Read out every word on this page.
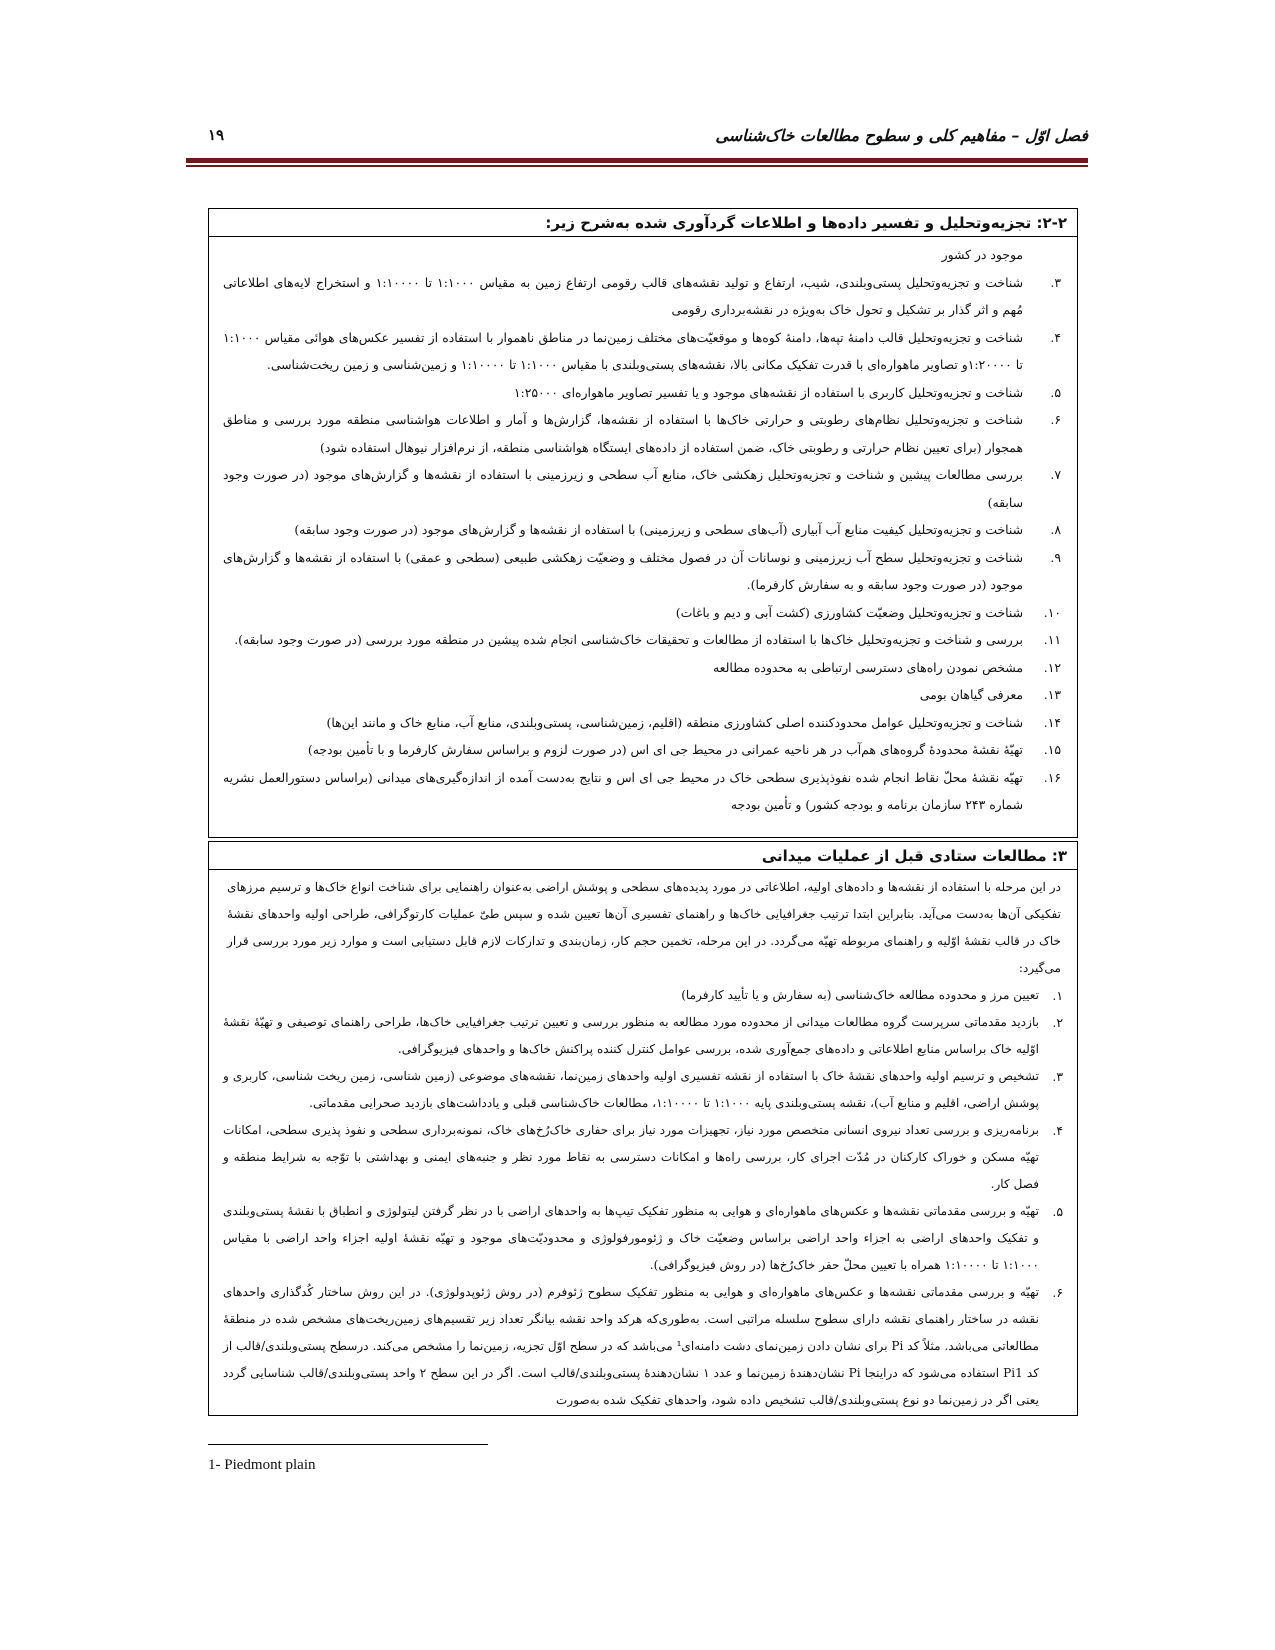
فصل اوّل – مفاهیم کلی و سطوح مطالعات خاک‌شناسی
۱۹
۲-۲: تجزیه‌وتحلیل و تفسیر داده‌ها و اطلاعات گردآوری شده به‌شرح زیر:
موجود در کشور
۳.
شناخت و تجزیه‌وتحلیل پستی‌وبلندی، شیب، ارتفاع و تولید نقشه‌های قالب رقومی ارتفاع زمین به مقیاس ۱:۱۰۰۰ تا ۱:۱۰۰۰۰ و استخراج لایه‌های اطلاعاتی مُهم و اثر گذار بر تشکیل و تحول خاک به‌ویژه در نقشه‌برداری رقومی
۴.
شناخت و تجزیه‌وتحلیل قالب دامنهٔ تپه‌ها، دامنهٔ کوه‌ها و موقعیّت‌های مختلف زمین‌نما در مناطق ناهموار با استفاده از تفسیر عکس‌های هوائی مقیاس ۱:۱۰۰۰ تا ۱:۲۰۰۰۰و تصاویر ماهواره‌ای با قدرت تفکیک مکانی بالا، نقشه‌های پستی‌وبلندی با مقیاس ۱:۱۰۰۰ تا ۱:۱۰۰۰۰ و زمین‌شناسی و زمین ریخت‌شناسی.
۵.
شناخت و تجزیه‌وتحلیل کاربری با استفاده از نقشه‌های موجود و یا تفسیر تصاویر ماهواره‌ای ۱:۲۵۰۰۰
۶.
شناخت و تجزیه‌وتحلیل نظام‌های رطوبتی و حرارتی خاک‌ها با استفاده از نقشه‌ها، گزارش‌ها و آمار و اطلاعات هواشناسی منطقه مورد بررسی و مناطق همجوار (برای تعیین نظام حرارتی و رطوبتی خاک، ضمن استفاده از داده‌های ایستگاه هواشناسی منطقه، از نرم‌افزار نیوهال استفاده شود)
۷.
بررسی مطالعات پیشین و شناخت و تجزیه‌وتحلیل زهکشی خاک، منابع آب سطحی و زیرزمینی با استفاده از نقشه‌ها و گزارش‌های موجود (در صورت وجود سابقه)
۸.
شناخت و تجزیه‌وتحلیل کیفیت منابع آب آبیاری (آب‌های سطحی و زیرزمینی) با استفاده از نقشه‌ها و گزارش‌های موجود (در صورت وجود سابقه)
۹.
شناخت و تجزیه‌وتحلیل سطح آب زیرزمینی و نوسانات آن در فصول مختلف و وضعیّت زهکشی طبیعی (سطحی و عمقی) با استفاده از نقشه‌ها و گزارش‌های موجود (در صورت وجود سابقه و به سفارش کارفرما).
۱۰.
شناخت و تجزیه‌وتحلیل وضعیّت کشاورزی (کشت آبی و دیم و باغات)
۱۱.
بررسی و شناخت و تجزیه‌وتحلیل خاک‌ها با استفاده از مطالعات و تحقیقات خاک‌شناسی انجام شده پیشین در منطقه مورد بررسی (در صورت وجود سابقه).
۱۲.
مشخص نمودن راه‌های دسترسی ارتباطی به محدوده مطالعه
۱۳.
معرفی گیاهان بومی
۱۴.
شناخت و تجزیه‌وتحلیل عوامل محدودکننده اصلی کشاورزی منطقه (اقلیم، زمین‌شناسی، پستی‌وبلندی، منابع آب، منابع خاک و مانند این‌ها)
۱۵.
تهیّهٔ نقشهٔ محدودهٔ گروه‌های هم‌آب در هر ناحیه عمرانی در محیط جی ای اس (در صورت لزوم و براساس سفارش کارفرما و با تأمین بودجه)
۱۶.
تهیّه نقشهٔ محلّ نقاط انجام شده نفوذپذیری سطحی خاک در محیط جی ای اس و نتایج به‌دست آمده از اندازه‌گیری‌های میدانی (براساس دستورالعمل نشریه شماره ۲۴۳ سازمان برنامه و بودجه کشور) و تأمین بودجه
۳: مطالعات ستادی قبل از عملیات میدانی

در این مرحله با استفاده از نقشه‌ها و داده‌های اولیه، اطلاعاتی در مورد پدیده‌های سطحی و پوشش اراضی به‌عنوان راهنمایی برای شناخت انواع خاک‌ها و ترسیم مرزهای تفکیکی آن‌ها به‌دست می‌آید. بنابراین ابتدا ترتیب جغرافیایی خاک‌ها و راهنمای تفسیری آن‌ها تعیین شده و سپس طیّ عملیات کارتوگرافی، طراحی اولیه واحدهای نقشهٔ خاک در قالب نقشهٔ اوّلیه و راهنمای مربوطه تهیّه می‌گردد. در این مرحله، تخمین حجم کار، زمان‌بندی و تدارکات لازم قابل دستیابی است و موارد زیر مورد بررسی قرار می‌گیرد:

۱.
تعیین مرز و محدوده مطالعه خاک‌شناسی (به سفارش و یا تأیید کارفرما)
۲.
بازدید مقدماتی سرپرست گروه مطالعات میدانی از محدوده مورد مطالعه به منظور بررسی و تعیین ترتیب جغرافیایی خاک‌ها، طراحی راهنمای توصیفی و تهیّهٔ نقشهٔ اوّلیه خاک براساس منابع اطلاعاتی و داده‌های جمع‌آوری شده، بررسی عوامل کنترل کننده پراکنش خاک‌ها و واحدهای فیزیوگرافی.
۳.
تشخیص و ترسیم اولیه واحدهای نقشهٔ خاک با استفاده از نقشه تفسیری اولیه واحدهای زمین‌نما، نقشه‌های موضوعی (زمین شناسی، زمین ریخت شناسی، کاربری و پوشش اراضی، اقلیم و منابع آب)، نقشه پستی‌وبلندی پایه ۱:۱۰۰۰ تا ۱:۱۰۰۰۰، مطالعات خاک‌شناسی قبلی و یادداشت‌های بازدید صحرایی مقدماتی.
۴.
برنامه‌ریزی و بررسی تعداد نیروی انسانی متخصص مورد نیاز، تجهیزات مورد نیاز برای حفاری خاک‌رُخ‌های خاک، نمونه‌برداری سطحی و نفوذ پذیری سطحی، امکانات تهیّه مسکن و خوراک کارکنان در مُدّت اجرای کار، بررسی راه‌ها و امکانات دسترسی به نقاط مورد نظر و جنبه‌های ایمنی و بهداشتی با توّجه به شرایط منطقه و فصل کار.
۵.
تهیّه و بررسی مقدماتی نقشه‌ها و عکس‌های ماهواره‌ای و هوایی به منظور تفکیک تیپ‌ها به واحدهای اراضی با در نظر گرفتن لیتولوژی و انطباق با نقشهٔ پستی‌وبلندی و تفکیک واحدهای اراضی به اجزاء واحد اراضی براساس وضعیّت خاک و ژئومورفولوژی و محدودیّت‌های موجود و تهیّه نقشهٔ اولیه اجزاء واحد اراضی با مقیاس ۱:۱۰۰۰ تا ۱:۱۰۰۰۰ همراه با تعیین محلّ حفر خاک‌رُخ‌ها (در روش فیزیوگرافی).
۶.
تهیّه و بررسی مقدماتی نقشه‌ها و عکس‌های ماهواره‌ای و هوایی به منظور تفکیک سطوح ژئوفرم (در روش ژئوپدولوژی). در این روش ساختار کُدگذاری واحدهای نقشه در ساختار راهنمای نقشه دارای سطوح سلسله مراتبی است. به‌طوری‌که هرکد واحد نقشه بیانگر تعداد زیر تقسیم‌های زمین‌ریخت‌های مشخص شده در منطقهٔ مطالعاتی می‌باشد. مثلاً کد Pi برای نشان دادن زمین‌نمای دشت دامنه‌ای¹ می‌باشد که در سطح اوّل تجزیه، زمین‌نما را مشخص می‌کند. درسطح پستی‌وبلندی/قالب از کد Pi1 استفاده می‌شود که دراینجا Pi نشان‌دهندهٔ زمین‌نما و عدد ۱ نشان‌دهندهٔ پستی‌وبلندی/قالب است. اگر در این سطح ۲ واحد پستی‌وبلندی/قالب شناسایی گردد یعنی اگر در زمین‌نما دو نوع پستی‌وبلندی/قالب تشخیص داده شود، واحدهای تفکیک شده به‌صورت
1- Piedmont plain
